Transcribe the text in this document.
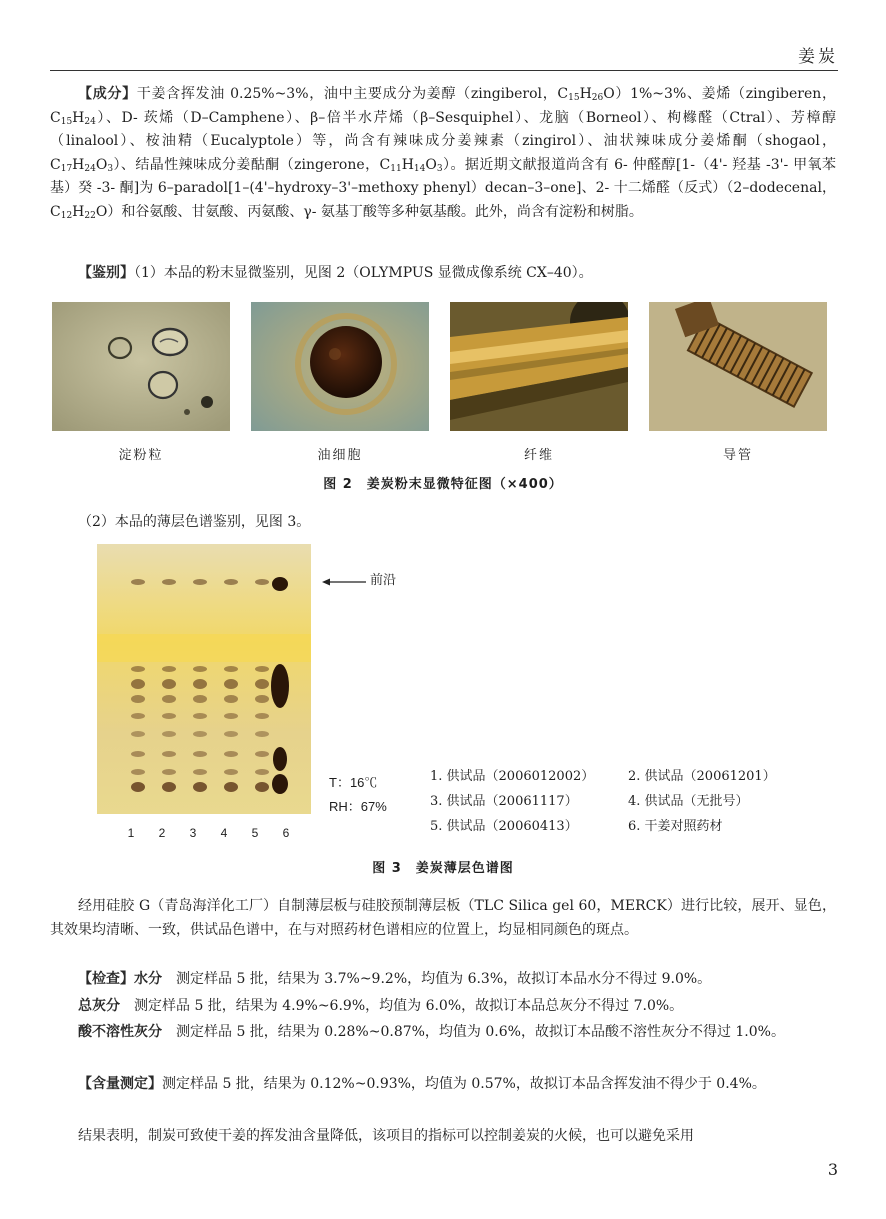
姜炭

【成分】干姜含挥发油 0.25%~3%，油中主要成分为姜醇（zingiberol，$C_{15}H_{26}O)1\%\sim 3\%$、姜烯（zingiberen，$C_{15}H_{24}$）、D- 莰烯（D–Camphene）、β–倍半水芹烯（β–Sesquiphel）、龙脑（Borneol）、枸橼醛（Ctral）、芳樟醇（linalool）、桉油精（Eucalyptole）等，尚含有辣味成分姜辣素（zingirol）、油状辣味成分姜烯酮（shogaol，$C_{17}H_{24}O_3$）、结晶性辣味成分姜酤酮（zingerone，$C_{11}H_{14}O_3$）。据近期文献报道尚含有 6- 仲醛醇[1-（4'- 羟基 -3'- 甲氧苯基）癸 -3- 酮]为 6–paradol[1–(4'–hydroxy–3'–methoxy phenyl）decan–3–one]、2- 十二烯醛（反式）（2–dodecenal，$C_{12}H_{22}O$）和谷氨酸、甘氨酸、丙氨酸、γ- 氨基丁酸等多种氨基酸。此外，尚含有淀粉和树脂。

【鉴别】（1）本品的粉末显微鉴别，见图 2（OLYMPUS 显微成像系统 CX–40）。

淀粉粒	油细胞	纤维	导管
图 2　姜炭粉末显微特征图（×400）

（2）本品的薄层色谱鉴别，见图 3。

前沿
T：16℃
RH：67%
1	2	3	4	5	6
1. 供试品（2006012002）	2. 供试品（20061201）
3. 供试品（20061117）	4. 供试品（无批号）
5. 供试品（20060413）	6. 干姜对照药材
图 3　姜炭薄层色谱图

经用硅胶 G（青岛海洋化工厂）自制薄层板与硅胶预制薄层板（TLC Silica gel 60，MERCK）进行比较，展开、显色，其效果均清晰、一致，供试品色谱中，在与对照药材色谱相应的位置上，均显相同颜色的斑点。

【检查】水分　测定样品 5 批，结果为 3.7%~9.2%，均值为 6.3%，故拟订本品水分不得过 9.0%。

总灰分　测定样品 5 批，结果为 4.9%~6.9%，均值为 6.0%，故拟订本品总灰分不得过 7.0%。

酸不溶性灰分　测定样品 5 批，结果为 0.28%~0.87%，均值为 0.6%，故拟订本品酸不溶性灰分不得过 1.0%。

【含量测定】测定样品 5 批，结果为 0.12%~0.93%，均值为 0.57%，故拟订本品含挥发油不得少于 0.4%。

结果表明，制炭可致使干姜的挥发油含量降低，该项目的指标可以控制姜炭的火候，也可以避免采用

3
